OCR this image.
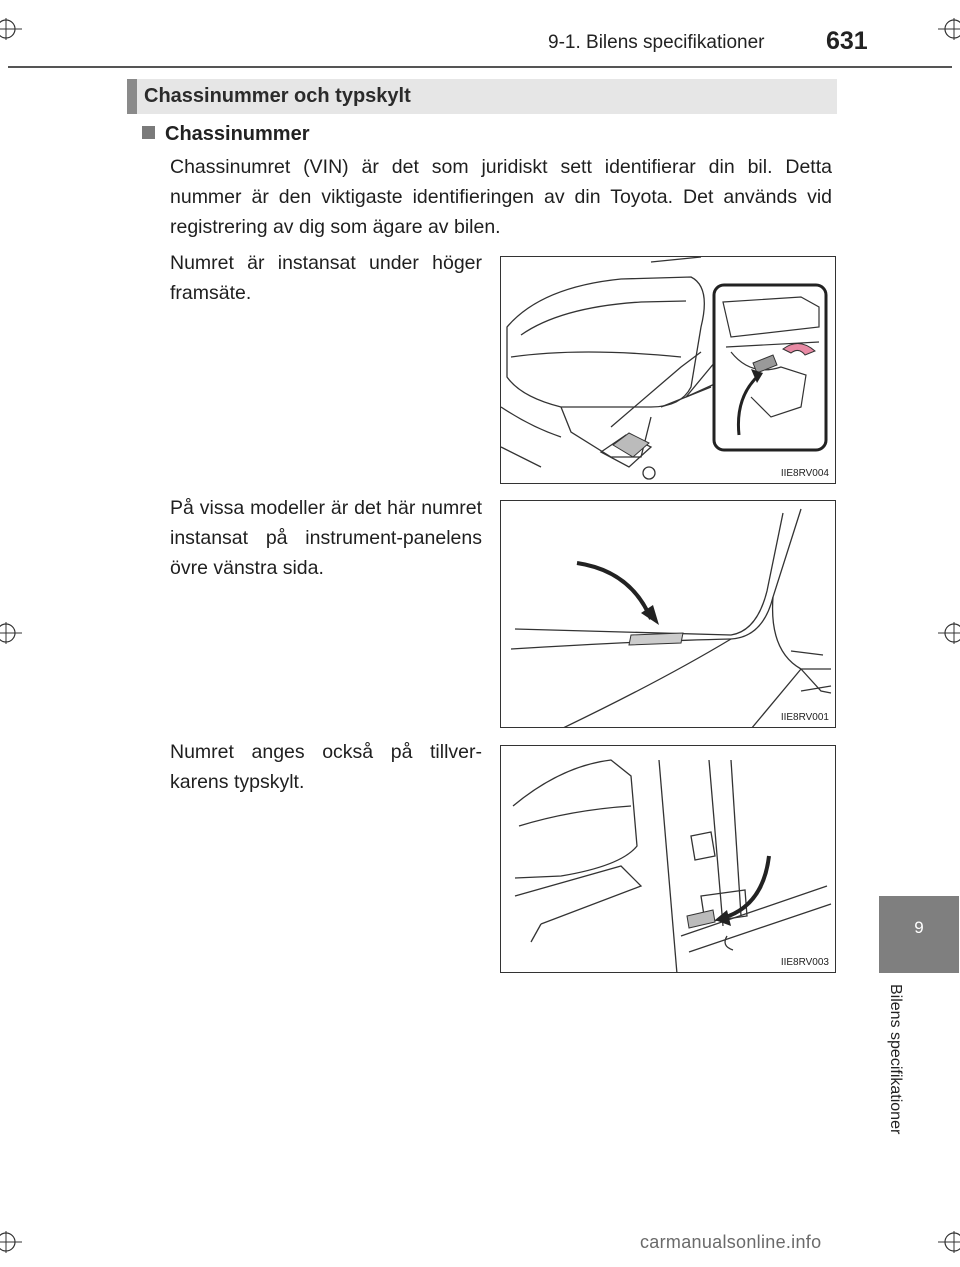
9-1. Bilens specifikationer 631
Chassinummer och typskylt
Chassinummer
Chassinumret (VIN) är det som juridiskt sett identifierar din bil. Detta nummer är den viktigaste identifieringen av din Toyota. Det används vid registrering av dig som ägare av bilen.
Numret är instansat under höger framsäte.
IIE8RV004
På vissa modeller är det här numret instansat på instrument-panelens övre vänstra sida.
IIE8RV001
Numret anges också på tillver-karens typskylt.
IIE8RV003
9
Bilens specifikationer
carmanualsonline.info
